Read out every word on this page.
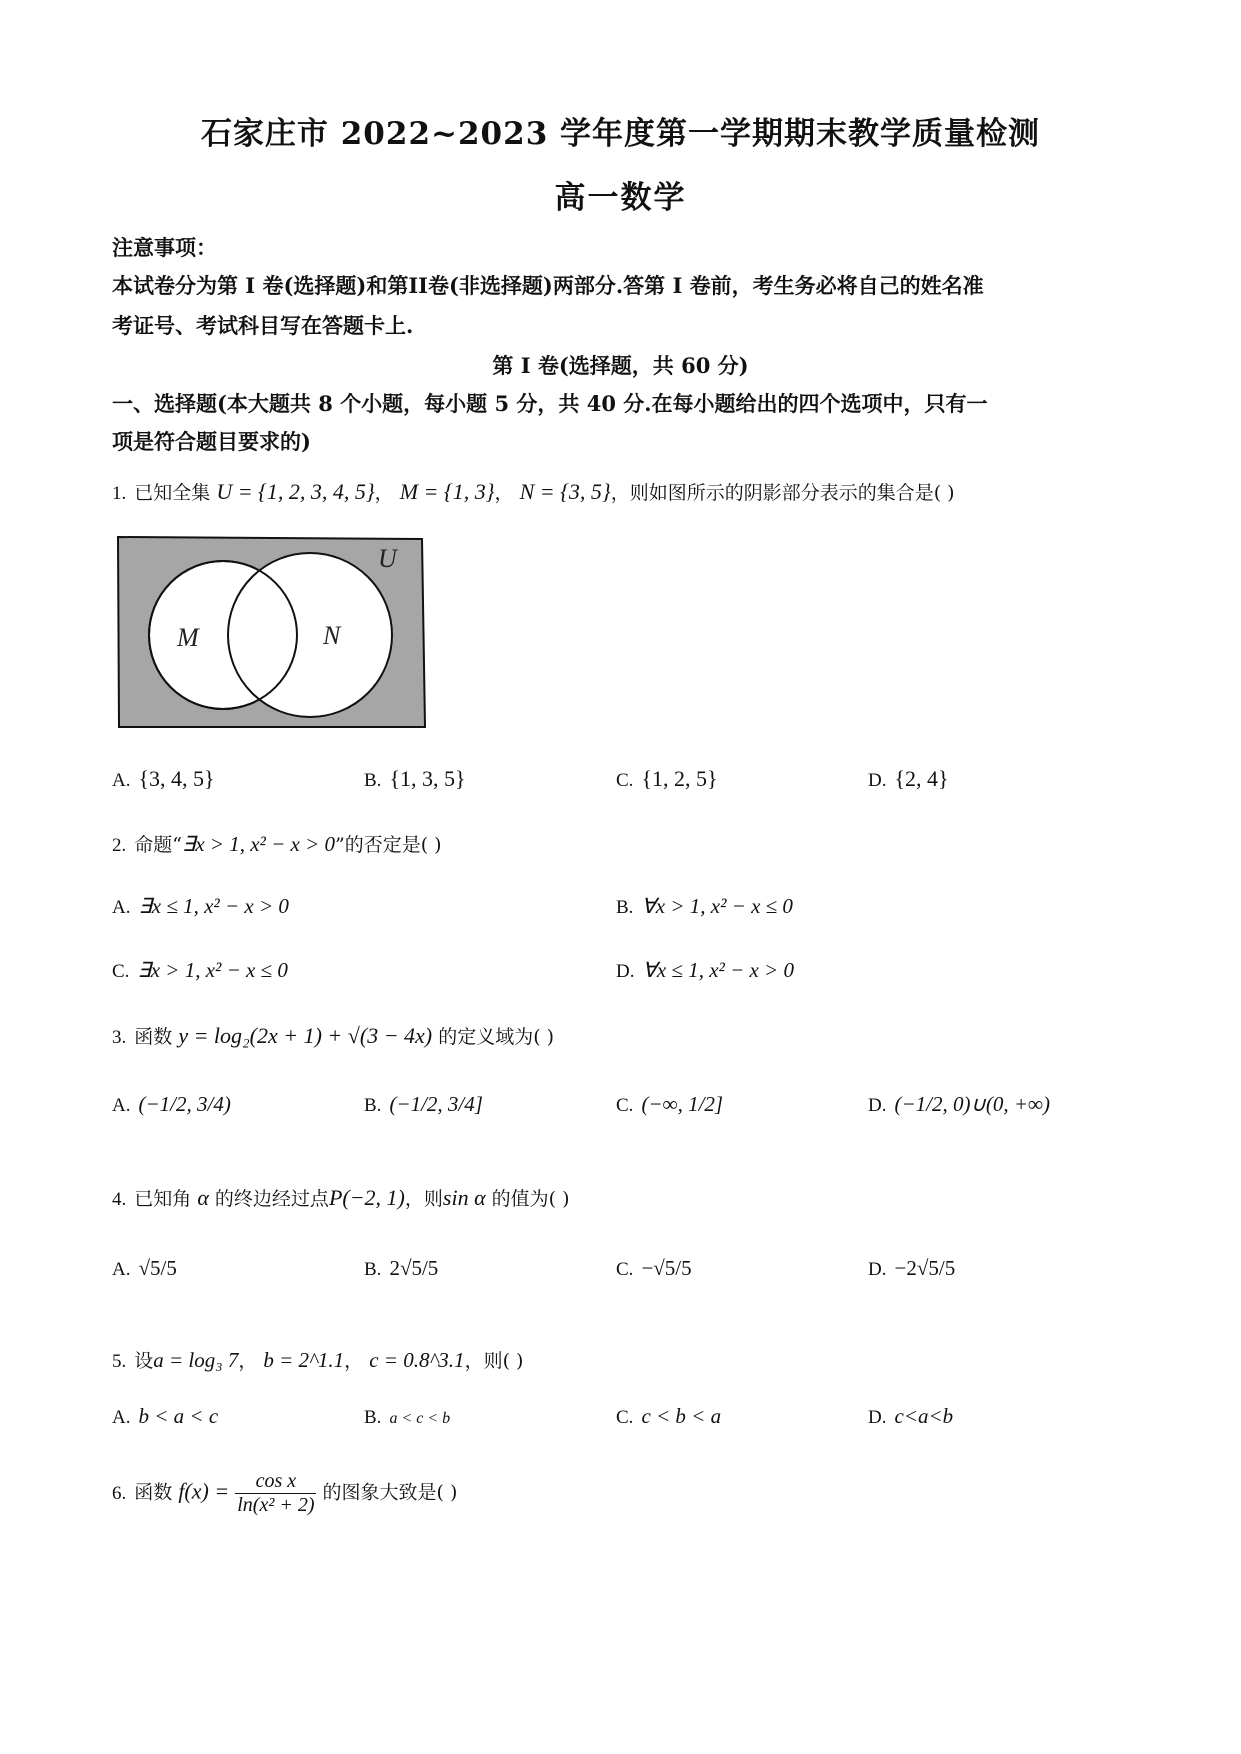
石家庄市 2022~2023 学年度第一学期期末教学质量检测
高一数学
注意事项：
本试卷分为第 I 卷(选择题)和第II卷(非选择题)两部分.答第 I 卷前，考生务必将自己的姓名准
考证号、考试科目写在答题卡上.
第 I 卷(选择题，共 60 分)
一、选择题(本大题共 8 个小题，每小题 5 分，共 40 分.在每小题给出的四个选项中，只有一
项是符合题目要求的)
1. 已知全集 U = {1, 2, 3, 4, 5}， M = {1, 3}， N = {3, 5}，则如图所示的阴影部分表示的集合是( )
U
M	N
A. {3, 4, 5}	B. {1, 3, 5}	C. {1, 2, 5}	D. {2, 4}
2. 命题“∃x > 1, x² − x > 0”的否定是( )
A. ∃x ≤ 1, x² − x > 0	B. ∀x > 1, x² − x ≤ 0
C. ∃x > 1, x² − x ≤ 0	D. ∀x ≤ 1, x² − x > 0
3. 函数 y = log₂(2x + 1) + √(3 − 4x) 的定义域为( )
A. (−1/2, 3/4)	B. (−1/2, 3/4]	C. (−∞, 1/2]	D. (−1/2, 0)∪(0, +∞)
4. 已知角 α 的终边经过点P(−2, 1)，则sin α 的值为( )
A. √5/5	B. 2√5/5	C. −√5/5	D. −2√5/5
5. 设a = log₃ 7， b = 2^1.1， c = 0.8^3.1，则( )
A. b < a < c	B. a < c < b	C. c < b < a	D. c<a<b
6. 函数 $f(x) = \frac{\text{cos x}}{\text{ln(x² + 2)}}$ 的图象大致是( )
